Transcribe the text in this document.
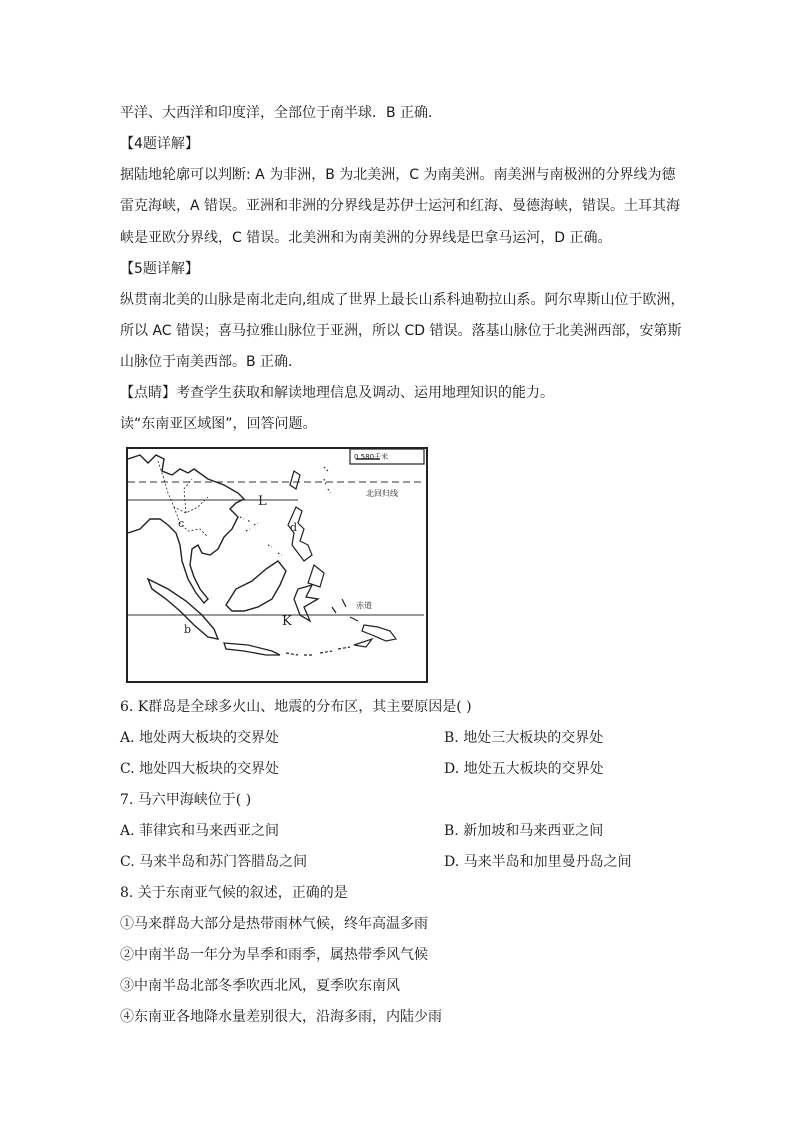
平洋、大西洋和印度洋，全部位于南半球．B 正确．
【4题详解】
据陆地轮廓可以判断: A 为非洲，B 为北美洲，C 为南美洲。南美洲与南极洲的分界线为德
雷克海峡，A 错误。亚洲和非洲的分界线是苏伊士运河和红海、曼德海峡，错误。土耳其海
峡是亚欧分界线，C 错误。北美洲和为南美洲的分界线是巴拿马运河，D 正确。
【5题详解】
纵贯南北美的山脉是南北走向,组成了世界上最长山系科迪勒拉山系。阿尔卑斯山位于欧洲，
所以 AC 错误；喜马拉雅山脉位于亚洲，所以 CD 错误。落基山脉位于北美洲西部，安第斯
山脉位于南美西部。B 正确．
【点睛】考查学生获取和解读地理信息及调动、运用地理知识的能力。
读“东南亚区域图”，回答问题。
0 580千米
北回归线
赤道
L
c	d
b
K
6. K群岛是全球多火山、地震的分布区，其主要原因是( )
A. 地处两大板块的交界处	B. 地处三大板块的交界处
C. 地处四大板块的交界处	D. 地处五大板块的交界处
7. 马六甲海峡位于( )
A. 菲律宾和马来西亚之间	B. 新加坡和马来西亚之间
C. 马来半岛和苏门答腊岛之间	D. 马来半岛和加里曼丹岛之间
8. 关于东南亚气候的叙述，正确的是
①马来群岛大部分是热带雨林气候，终年高温多雨
②中南半岛一年分为旱季和雨季，属热带季风气候
③中南半岛北部冬季吹西北风，夏季吹东南风
④东南亚各地降水量差别很大，沿海多雨，内陆少雨
